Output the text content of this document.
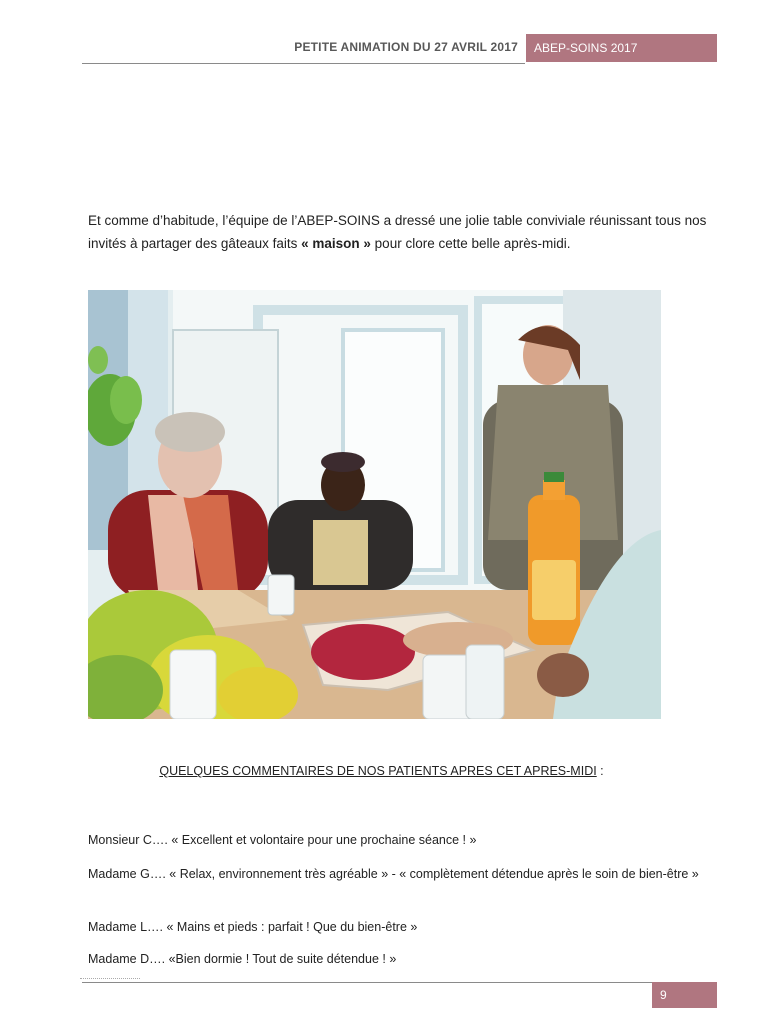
PETITE ANIMATION DU 27 AVRIL 2017	ABEP-SOINS 2017

Et comme d’habitude, l’équipe de l’ABEP-SOINS a dressé une jolie table conviviale réunissant tous nos invités à partager des gâteaux faits « maison » pour clore cette belle après-midi.

QUELQUES COMMENTAIRES DE NOS PATIENTS APRES CET APRES-MIDI :
Monsieur C…. « Excellent et volontaire pour une prochaine séance ! »
Madame G…. « Relax, environnement très agréable » - « complètement détendue après le soin de bien-être »
Madame L…. « Mains et pieds : parfait ! Que du bien-être »
Madame D…. «Bien dormie ! Tout de suite détendue ! »
9
